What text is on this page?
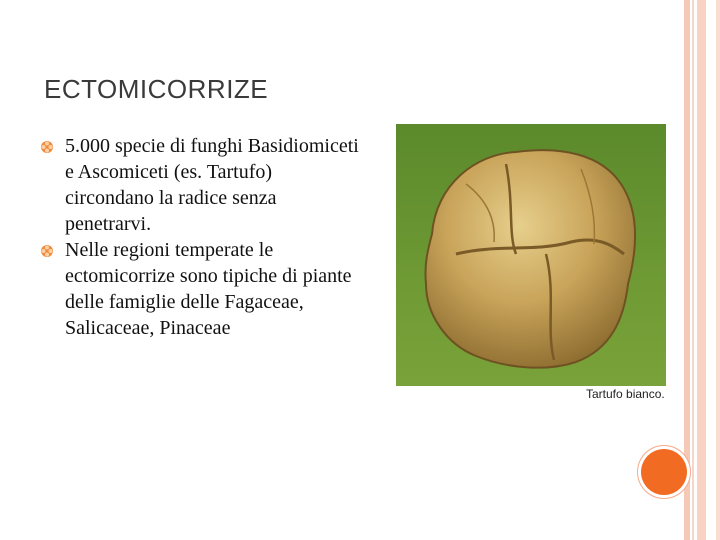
ECTOMICORRIZE
5.000 specie di funghi Basidiomiceti e Ascomiceti (es. Tartufo) circondano la radice senza penetrarvi.
Nelle regioni temperate le ectomicorrize sono tipiche di piante delle famiglie delle Fagaceae, Salicaceae, Pinaceae
Tartufo bianco.
